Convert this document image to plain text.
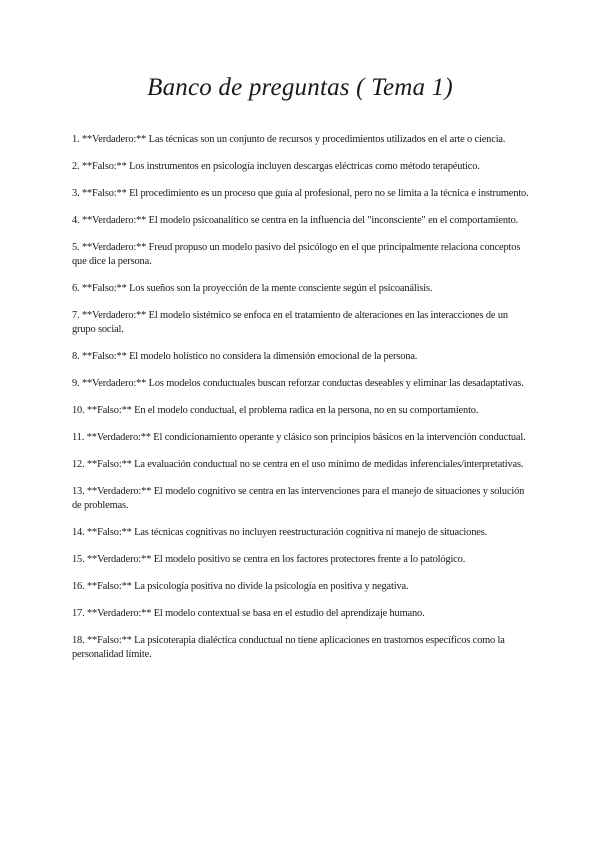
Banco de preguntas ( Tema 1)
1. **Verdadero:** Las técnicas son un conjunto de recursos y procedimientos utilizados en el arte o ciencia.
2. **Falso:** Los instrumentos en psicología incluyen descargas eléctricas como método terapéutico.
3. **Falso:** El procedimiento es un proceso que guía al profesional, pero no se limita a la técnica e instrumento.
4. **Verdadero:** El modelo psicoanalítico se centra en la influencia del "inconsciente" en el comportamiento.
5. **Verdadero:** Freud propuso un modelo pasivo del psicólogo en el que principalmente relaciona conceptos que dice la persona.
6. **Falso:** Los sueños son la proyección de la mente consciente según el psicoanálisis.
7. **Verdadero:** El modelo sistémico se enfoca en el tratamiento de alteraciones en las interacciones de un grupo social.
8. **Falso:** El modelo holístico no considera la dimensión emocional de la persona.
9. **Verdadero:** Los modelos conductuales buscan reforzar conductas deseables y eliminar las desadaptativas.
10. **Falso:** En el modelo conductual, el problema radica en la persona, no en su comportamiento.
11. **Verdadero:** El condicionamiento operante y clásico son principios básicos en la intervención conductual.
12. **Falso:** La evaluación conductual no se centra en el uso mínimo de medidas inferenciales/interpretativas.
13. **Verdadero:** El modelo cognitivo se centra en las intervenciones para el manejo de situaciones y solución de problemas.
14. **Falso:** Las técnicas cognitivas no incluyen reestructuración cognitiva ni manejo de situaciones.
15. **Verdadero:** El modelo positivo se centra en los factores protectores frente a lo patológico.
16. **Falso:** La psicología positiva no divide la psicología en positiva y negativa.
17. **Verdadero:** El modelo contextual se basa en el estudio del aprendizaje humano.
18. **Falso:** La psicoterapia dialéctica conductual no tiene aplicaciones en trastornos específicos como la personalidad límite.
